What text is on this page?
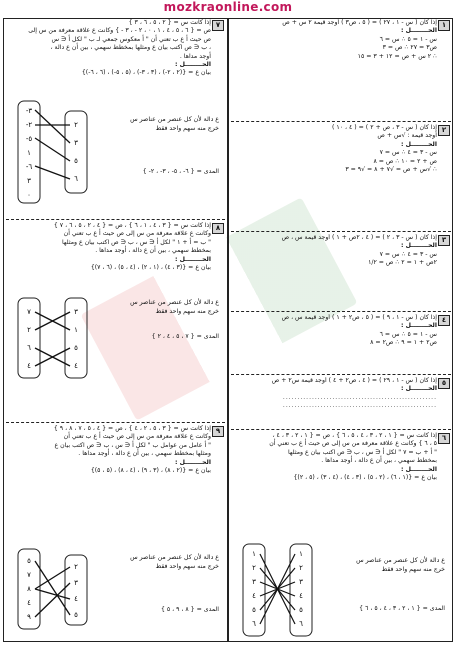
mozkraonline.com
٧
إذا كانت س = { ٢ ، ٥ ، ٦ ، ٣ }
ص = { ٦ ، ٥ ، ٤ ، ١ ، ٠ ، ٢ - ، ٣ - } وكانت ع علاقة معرفة من س إلى
ص حيث أ ع ب تعني أن " أ معكوس جمعي لـ ب " لكل أ ∈ س
، ب ∈ ص اكتب بيان ع ومثلها بمخطط سهمي ، بين أن ع دالة ،
أوجد مداها .
الحــــــــل :
بيان ع = {(٢ ، ٢-) ، (٣ ، ٣-) ، (٥ ، ٥-) ، (٦ ، ٦-)}
٣-
٢-
٥-
١
٦-
٣
٠
٢
٣
٥
٦
ع دالة لأن كل عنصر من عناصر س
خرج منه سهم واحد فقط
المدى = { ٦- ، ٥- ، ٣- ، ٢- }
٨
إذا كانت س = { ٣ ، ٤ ، ١ ، ٦ } ، ص = { ٤ ، ٢ ، ٥ ، ٦ ، ٧ }
وكانت ع علاقة معرفة من س إلى ص حيث أ ع ب تعني أن
" ب = أ + ١ " لكل أ ∈ س ، ب ∈ ص اكتب بيان ع ومثلها
بمخطط سهمي ، بين أن ع دالة ، أوجد مداها .
الحــــــــل :
بيان ع = {(٣ ، ٤) ، (١ ، ٢) ، (٤ ، ٥) ، (٦ ، ٧)}
٧
٢
٦
٤
٣
١
٥
٤
ع دالة لأن كل عنصر من عناصر س
خرج منه سهم واحد فقط
المدى = { ٧ ، ٥ ، ٤ ، ٢ }
٩
إذا كانت س = { ٣ ، ٥ ، ٢ ، ٤ } ، ص = { ٤ ، ٥ ، ٧ ، ٨ ، ٩ }
وكانت ع علاقة معرفة من س إلى ص حيث أ ع ب تعني أن
" أ عامل من عوامل ب " لكل أ ∈ س ، ب ∈ ص اكتب بيان ع
ومثلها بمخطط سهمي ، بين أن ع دالة ، أوجد مداها .
الحــــــــل :
بيان ع = {(٢ ، ٨) ، (٣ ، ٩) ، (٤ ، ٨) ، (٥ ، ٥)}
٥
٧
٨
٤
٩
٢
٣
٤
٥
ع دالة لأن كل عنصر من عناصر س
خرج منه سهم واحد فقط
المدى = { ٨ ، ٩ ، ٥ }
١
إذا كان ( س - ١ ، ٢٧ ) = ( ٥ ، ص٣ ) أوجد قيمة ٢ س + ص
الحــــــــل :
س - ١ = ٥ ∴ س = ٦
ص٣ = ٢٧ ∴ ص = ٣
∴ ٢ س + ص = ١٢ + ٣ = ١٥
٢
إذا كان ( س - ٣ ، ص + ٢ ) = ( ٤ ، ١٠ )
أوجد قيمة : √س + ص
الحــــــــل :
س - ٣ = ٤ ∴ س = ٧
ص + ٢ = ١٠ ∴ ص = ٨
∴ √س + ص = √٧ + ٨ = √٩ = ٣
٣
إذا كان ( س - ٣ ، ٢ ) = ( ٤ ، ٢ص + ١ ) أوجد قيمة س ، ص
الحــــــــل :
س - ٣ = ٤ ∴ س = ٧
٢ص + ١ = ٢ ∴ ص = ١/٢
٤
إذا كان ( س - ١ ، ٩ ) = ( ٥ ، ص٢ + ١ ) أوجد قيمة س ، ص
الحــــــــل :
س - ١ = ٥ ∴ س = ٦
ص٢ + ١ = ٩ ∴ ص٢ = ٨
٥
إذا كان ( س - ١ ، ٢٩ ) = ( ٤ ، ص٢ + ٤ ) أوجد قيمة س٢ + ص
الحــــــــل :
.....................................................
.....................................................
٦
إذا كانت س = { ١ ، ٢ ، ٣ ، ٤ ، ٥ ، ٦ } ، ص = { ١ ، ٢ ، ٣ ، ٤ ،
٥ ، ٦ } وكانت ع علاقة معرفة من س إلى ص حيث أ ع ب تعني أن
" أ + ب = ٧ " لكل أ ∈ س ، ب ∈ ص اكتب بيان ع ومثلها
بمخطط سهمي ، بين أن ع دالة ، أوجد مداها .
الحــــــــل :
بيان ع = {(١ ، ٦) ، (٢ ، ٥) ، (٣ ، ٤) ، (٤ ، ٣) ، (٥ ، ٢)}
١
٢
٣
٤
٥
٦
١
٢
٣
٤
٥
٦
ع دالة لأن كل عنصر من عناصر س
خرج منه سهم واحد فقط
المدى = { ١ ، ٢ ، ٣ ، ٤ ، ٥ ، ٦ }
